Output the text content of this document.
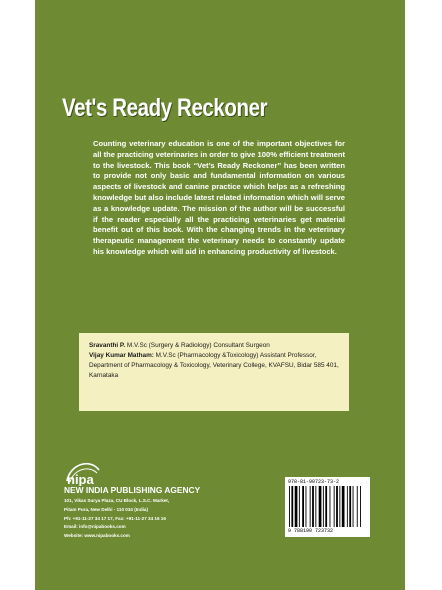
Vet's Ready Reckoner
Counting veterinary education is one of the important objectives for all the practicing veterinaries in order to give 100% efficient treatment to the livestock. This book “Vet’s Ready Reckoner” has been written to provide not only basic and fundamental information on various aspects of livestock and canine practice which helps as a refreshing knowledge but also include latest related information which will serve as a knowledge update. The mission of the author will be successful if the reader especially all the practicing veterinaries get material benefit out of this book. With the changing trends in the veterinary therapeutic management the veterinary needs to constantly update his knowledge which will aid in enhancing productivity of livestock.
Sravanthi P. M.V.Sc (Surgery & Radiology) Consultant Surgeon
Vijay Kumar Matham: M.V.Sc (Pharmacology &Toxicology) Assistant Professor, Department of Pharmacology & Toxicology, Veterinary College, KVAFSU, Bidar 585 401, Karnataka
nipa
NEW INDIA PUBLISHING AGENCY
101, Vikas Surya Plaza, CU Block, L.S.C. Market,
Pitam Pura, New Delhi - 110 034 (India)
Ph: +91-11-27 34 17 17, Fax: +91-11-27 34 16 16
Email: info@nipabooks.com
Website: www.nipabooks.com
978-81-90723-73-2
9 788190 723732
